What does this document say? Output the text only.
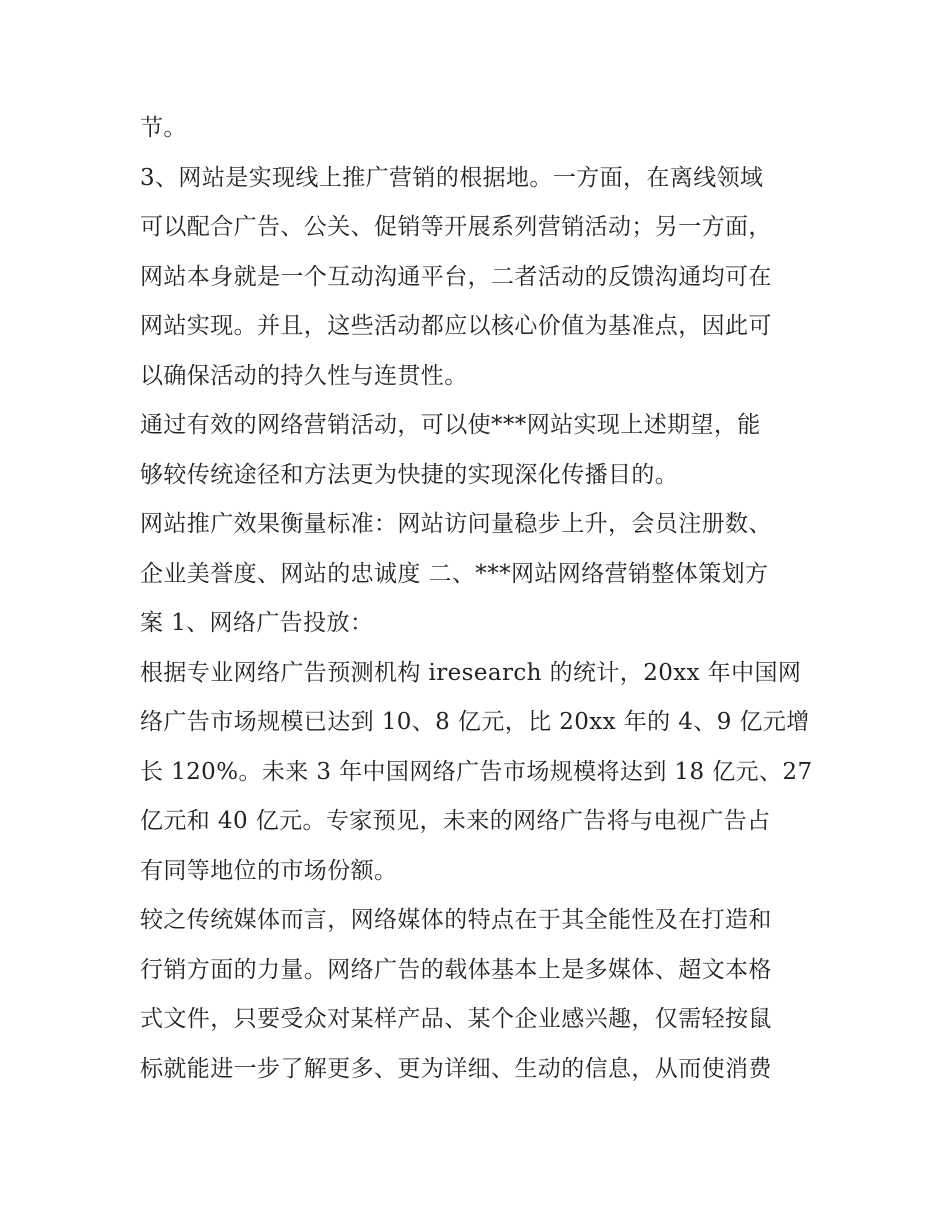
节。

3、网站是实现线上推广营销的根据地。一方面，在离线领域
可以配合广告、公关、促销等开展系列营销活动；另一方面，
网站本身就是一个互动沟通平台，二者活动的反馈沟通均可在
网站实现。并且，这些活动都应以核心价值为基准点，因此可
以确保活动的持久性与连贯性。

通过有效的网络营销活动，可以使***网站实现上述期望，能
够较传统途径和方法更为快捷的实现深化传播目的。

网站推广效果衡量标准：网站访问量稳步上升，会员注册数、
企业美誉度、网站的忠诚度 二、***网站网络营销整体策划方
案 1、网络广告投放：

根据专业网络广告预测机构 iresearch 的统计，20xx 年中国网
络广告市场规模已达到 10、8 亿元，比 20xx 年的 4、9 亿元增
长 120%。未来 3 年中国网络广告市场规模将达到 18 亿元、27
亿元和 40 亿元。专家预见，未来的网络广告将与电视广告占
有同等地位的市场份额。

较之传统媒体而言，网络媒体的特点在于其全能性及在打造和
行销方面的力量。网络广告的载体基本上是多媒体、超文本格
式文件，只要受众对某样产品、某个企业感兴趣，仅需轻按鼠
标就能进一步了解更多、更为详细、生动的信息，从而使消费
